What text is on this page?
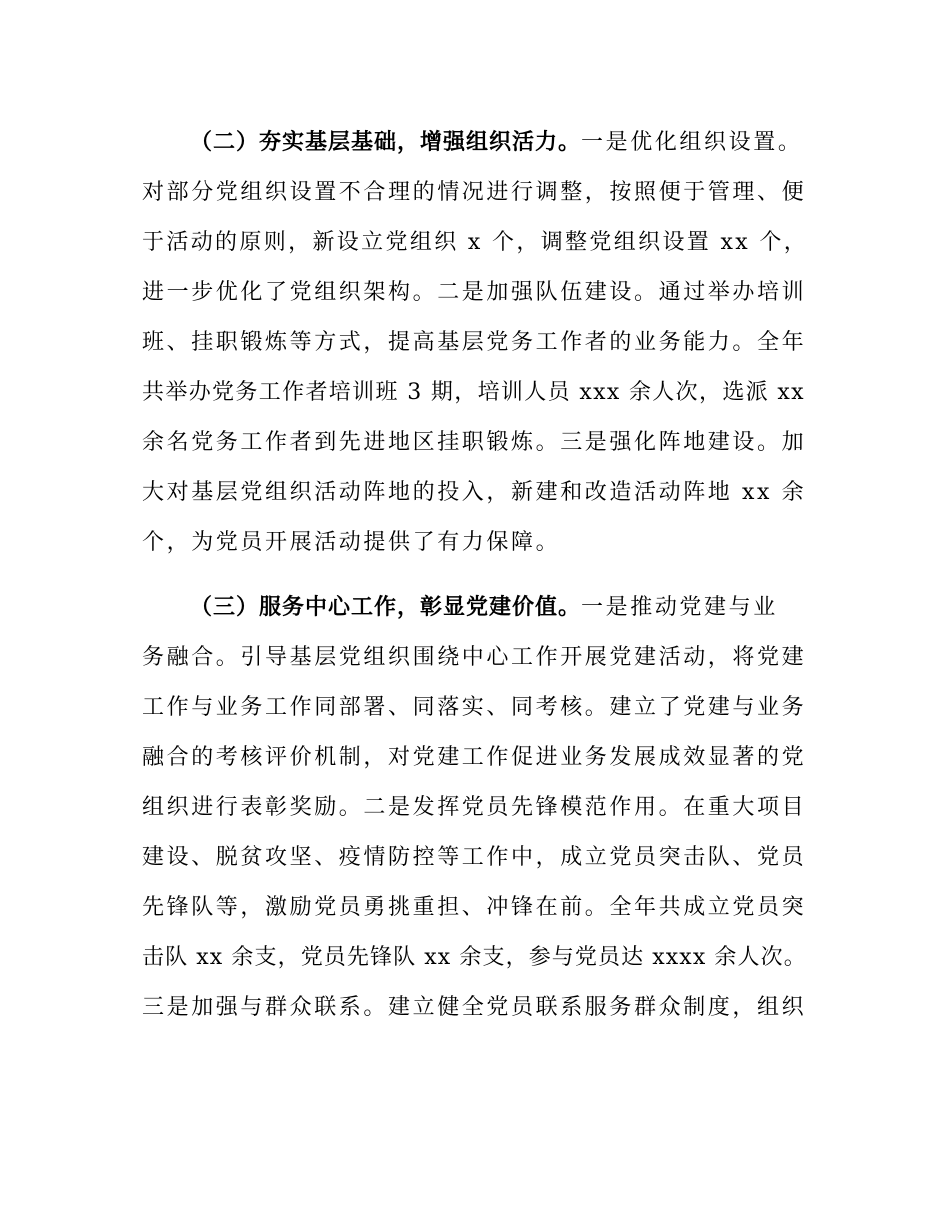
（二）夯实基层基础，增强组织活力。一是优化组织设置。
对部分党组织设置不合理的情况进行调整，按照便于管理、便
于活动的原则，新设立党组织 x 个，调整党组织设置 xx 个，
进一步优化了党组织架构。二是加强队伍建设。通过举办培训
班、挂职锻炼等方式，提高基层党务工作者的业务能力。全年
共举办党务工作者培训班 3 期，培训人员 xxx 余人次，选派 xx
余名党务工作者到先进地区挂职锻炼。三是强化阵地建设。加
大对基层党组织活动阵地的投入，新建和改造活动阵地 xx 余
个，为党员开展活动提供了有力保障。
（三）服务中心工作，彰显党建价值。一是推动党建与业
务融合。引导基层党组织围绕中心工作开展党建活动，将党建
工作与业务工作同部署、同落实、同考核。建立了党建与业务
融合的考核评价机制，对党建工作促进业务发展成效显著的党
组织进行表彰奖励。二是发挥党员先锋模范作用。在重大项目
建设、脱贫攻坚、疫情防控等工作中，成立党员突击队、党员
先锋队等，激励党员勇挑重担、冲锋在前。全年共成立党员突
击队 xx 余支，党员先锋队 xx 余支，参与党员达 xxxx 余人次。
三是加强与群众联系。建立健全党员联系服务群众制度，组织
